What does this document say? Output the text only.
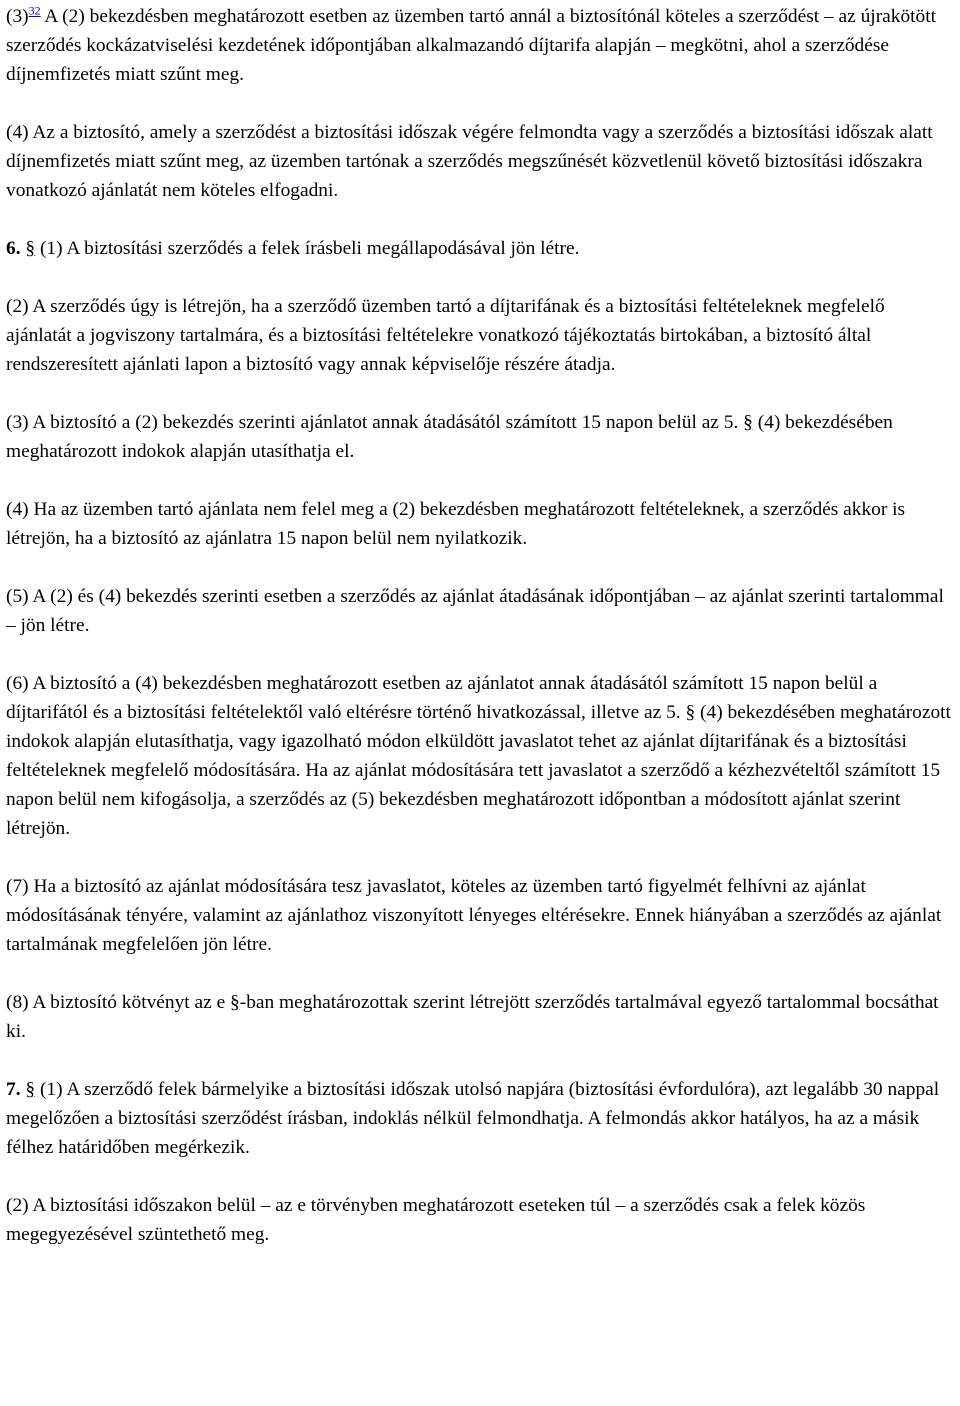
(3)$^{32}$ A (2) bekezdésben meghatározott esetben az üzemben tartó annál a biztosítónál köteles a szerződést – az újrakötött szerződés kockázatviselési kezdetének időpontjában alkalmazandó díjtarifa alapján – megkötni, ahol a szerződése díjnemfizetés miatt szűnt meg.

(4) Az a biztosító, amely a szerződést a biztosítási időszak végére felmondta vagy a szerződés a biztosítási időszak alatt díjnemfizetés miatt szűnt meg, az üzemben tartónak a szerződés megszűnését közvetlenül követő biztosítási időszakra vonatkozó ajánlatát nem köteles elfogadni.

6. § (1) A biztosítási szerződés a felek írásbeli megállapodásával jön létre.

(2) A szerződés úgy is létrejön, ha a szerződő üzemben tartó a díjtarifának és a biztosítási feltételeknek megfelelő ajánlatát a jogviszony tartalmára, és a biztosítási feltételekre vonatkozó tájékoztatás birtokában, a biztosító által rendszeresített ajánlati lapon a biztosító vagy annak képviselője részére átadja.

(3) A biztosító a (2) bekezdés szerinti ajánlatot annak átadásától számított 15 napon belül az 5. § (4) bekezdésében meghatározott indokok alapján utasíthatja el.

(4) Ha az üzemben tartó ajánlata nem felel meg a (2) bekezdésben meghatározott feltételeknek, a szerződés akkor is létrejön, ha a biztosító az ajánlatra 15 napon belül nem nyilatkozik.

(5) A (2) és (4) bekezdés szerinti esetben a szerződés az ajánlat átadásának időpontjában – az ajánlat szerinti tartalommal – jön létre.

(6) A biztosító a (4) bekezdésben meghatározott esetben az ajánlatot annak átadásától számított 15 napon belül a díjtarifától és a biztosítási feltételektől való eltérésre történő hivatkozással, illetve az 5. § (4) bekezdésében meghatározott indokok alapján elutasíthatja, vagy igazolható módon elküldött javaslatot tehet az ajánlat díjtarifának és a biztosítási feltételeknek megfelelő módosítására. Ha az ajánlat módosítására tett javaslatot a szerződő a kézhezvételtől számított 15 napon belül nem kifogásolja, a szerződés az (5) bekezdésben meghatározott időpontban a módosított ajánlat szerint létrejön.

(7) Ha a biztosító az ajánlat módosítására tesz javaslatot, köteles az üzemben tartó figyelmét felhívni az ajánlat módosításának tényére, valamint az ajánlathoz viszonyított lényeges eltérésekre. Ennek hiányában a szerződés az ajánlat tartalmának megfelelően jön létre.

(8) A biztosító kötvényt az e §-ban meghatározottak szerint létrejött szerződés tartalmával egyező tartalommal bocsáthat ki.

7. § (1) A szerződő felek bármelyike a biztosítási időszak utolsó napjára (biztosítási évfordulóra), azt legalább 30 nappal megelőzően a biztosítási szerződést írásban, indoklás nélkül felmondhatja. A felmondás akkor hatályos, ha az a másik félhez határidőben megérkezik.

(2) A biztosítási időszakon belül – az e törvényben meghatározott eseteken túl – a szerződés csak a felek közös megegyezésével szüntethető meg.
